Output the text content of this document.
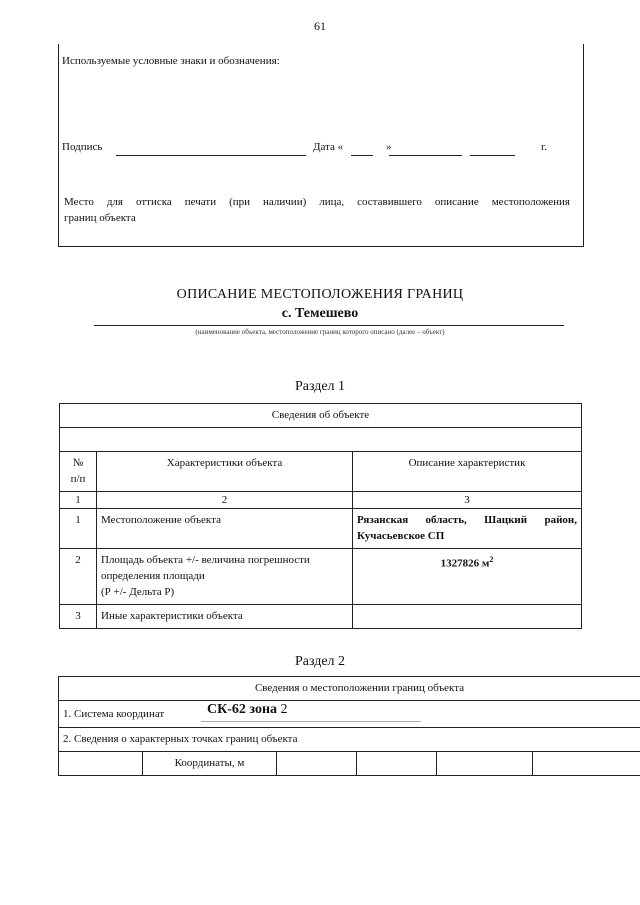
61
Используемые условные знаки и обозначения:
Подпись	Дата «	»	г.
Место для оттиска печати (при наличии) лица, составившего описание местоположения
границ объекта
ОПИСАНИЕ МЕСТОПОЛОЖЕНИЯ ГРАНИЦ
с. Темешево
(наименование объекта, местоположение границ которого описано (далее – объект)
Раздел 1
Сведения об объекте		

№
п/п	Характеристики объекта	Описание характеристик
1	2	3
1	Местоположение объекта	Рязанская область, Шацкий район,
Кучасьевское СП

2	Площадь объекта +/- величина погрешности
определения площади
(Р +/- Дельта Р)	1327826 $м^2$
3	Иные характеристики объекта	
Раздел 2
Сведения о местоположении границ объекта
1. Система координат	СК-62 зона 2

2. Сведения о характерных точках границ объекта
	Координаты, м				
